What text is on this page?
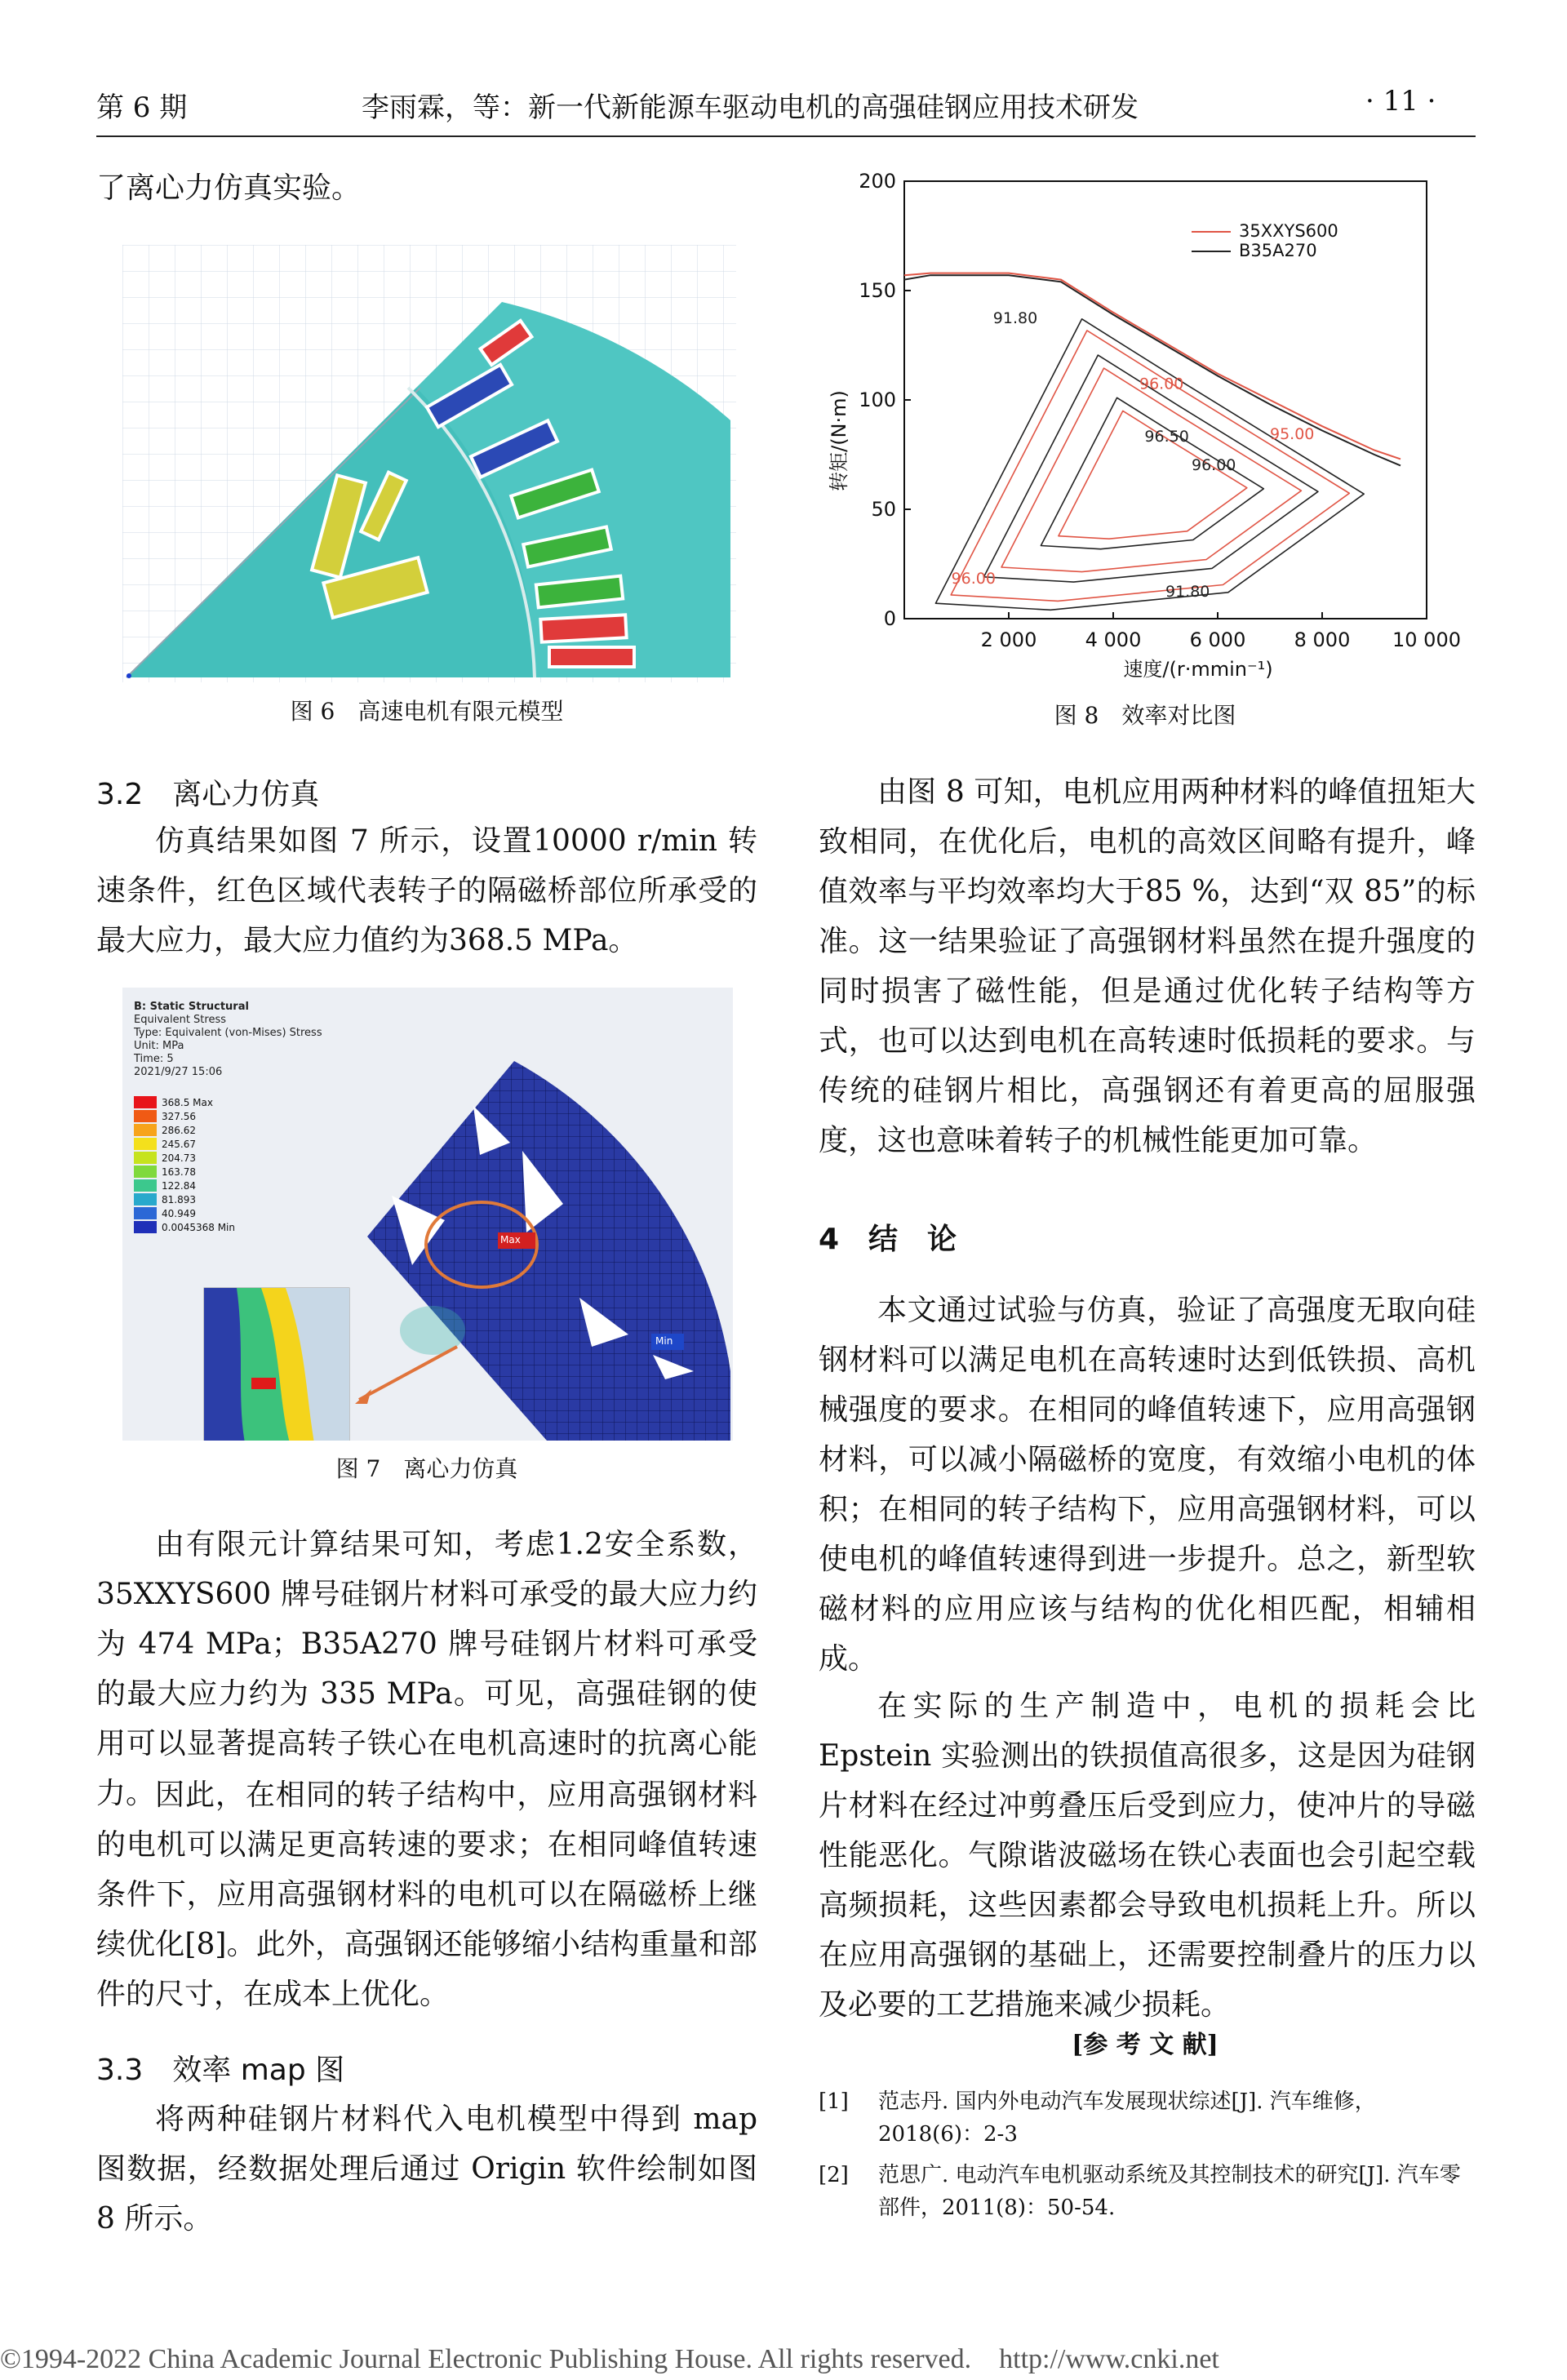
第 6 期	李雨霖，等：新一代新能源车驱动电机的高强硅钢应用技术研发	· 11 ·

了离心力仿真实验。

图 6　高速电机有限元模型
3.2　离心力仿真

仿真结果如图 7 所示，设置10000 r/min 转速条件，红色区域代表转子的隔磁桥部位所承受的最大应力，最大应力值约为368.5 MPa。

B: Static Structural
Equivalent Stress
Type: Equivalent (von-Mises) Stress
Unit: MPa
Time: 5
2021/9/27 15:06
368.5 Max
327.56
286.62
245.67
204.73
163.78
122.84
81.893
40.949
0.0045368 Min
Max
Min
图 7　离心力仿真

由有限元计算结果可知，考虑1.2安全系数，35XXYS600 牌号硅钢片材料可承受的最大应力约为 474 MPa；B35A270 牌号硅钢片材料可承受的最大应力约为 335 MPa。可见，高强硅钢的使用可以显著提高转子铁心在电机高速时的抗离心能力。 因此，在相同的转子结构中，应用高强钢材料的电机可以满足更高转速的要求；在相同峰值转速条件下，应用高强钢材料的电机可以在隔磁桥上继续优化[8]。此外，高强钢还能够缩小结构重量和部件的尺寸，在成本上优化。

3.3　效率 map 图

将两种硅钢片材料代入电机模型中得到 map 图数据，经数据处理后通过 Origin 软件绘制如图 8 所示。

2 000 4 000 6 000 8 000 10 000
0
50
100
150
200
91.80
96.00
95.00
96.50
96.00
96.00
91.80
35XXYS600
B35A270
速度/(r·mmin⁻¹)
转矩/(N·m)
图 8　效率对比图

由图 8 可知，电机应用两种材料的峰值扭矩大致相同，在优化后，电机的高效区间略有提升，峰值效率与平均效率均大于85 %，达到“双 85”的标准。这一结果验证了高强钢材料虽然在提升强度的同时损害了磁性能，但是通过优化转子结构等方式，也可以达到电机在高转速时低损耗的要求。与传统的硅钢片相比，高强钢还有着更高的屈服强度，这也意味着转子的机械性能更加可靠。

4　结　论

本文通过试验与仿真，验证了高强度无取向硅钢材料可以满足电机在高转速时达到低铁损、高机械强度的要求。在相同的峰值转速下，应用高强钢材料，可以减小隔磁桥的宽度，有效缩小电机的体积；在相同的转子结构下，应用高强钢材料，可以使电机的峰值转速得到进一步提升。总之，新型软磁材料的应用应该与结构的优化相匹配，相辅相成。

在实际的生产制造中，电机的损耗会比 Epstein 实验测出的铁损值高很多，这是因为硅钢片材料在经过冲剪叠压后受到应力，使冲片的导磁性能恶化。气隙谐波磁场在铁心表面也会引起空载高频损耗，这些因素都会导致电机损耗上升。所以在应用高强钢的基础上，还需要控制叠片的压力以及必要的工艺措施来减少损耗。

[参 考 文 献]

[1]	范志丹. 国内外电动汽车发展现状综述[J]. 汽车维修，2018(6)：2-3

[2]	范思广. 电动汽车电机驱动系统及其控制技术的研究[J]. 汽车零部件，2011(8)：50-54.

©1994-2022 China Academic Journal Electronic Publishing House. All rights reserved.    http://www.cnki.net
